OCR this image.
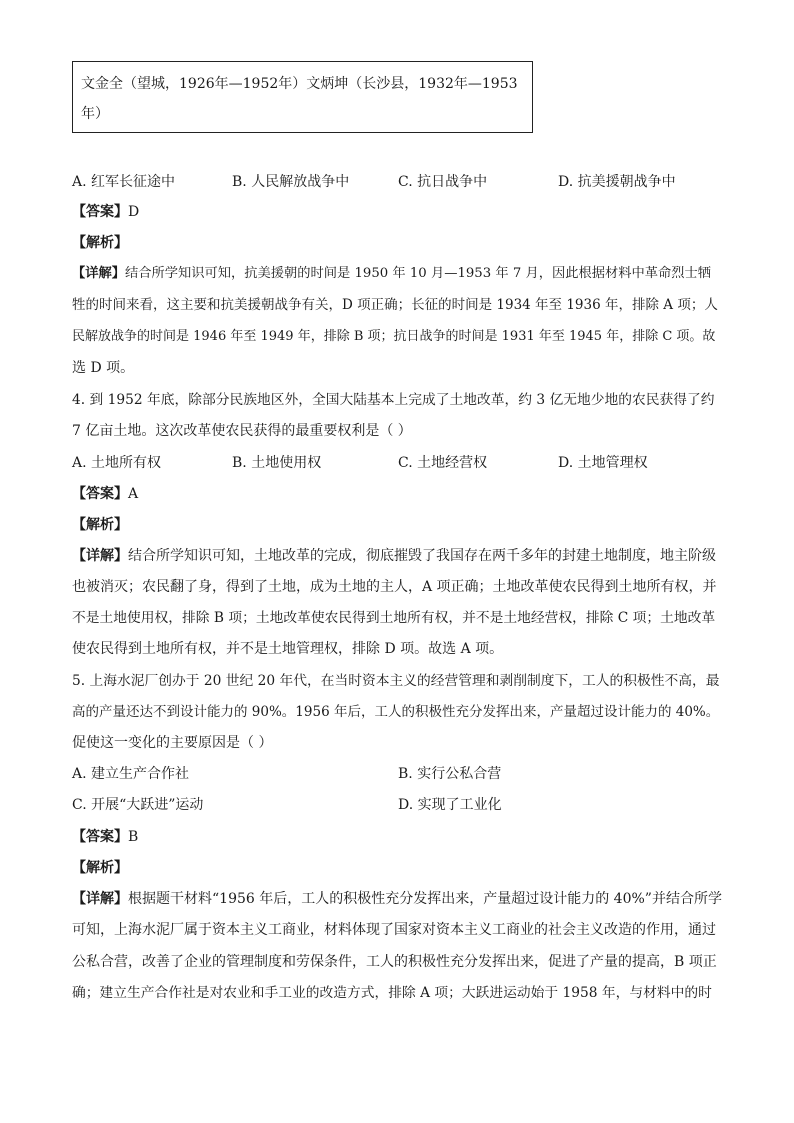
文金全（望城，1926年—1952年）文炳坤（长沙县，1932年—1953
年）
A. 红军长征途中	B. 人民解放战争中	C. 抗日战争中	D. 抗美援朝战争中
【答案】D
【解析】
【详解】结合所学知识可知，抗美援朝的时间是 1950 年 10 月—1953 年 7 月，因此根据材料中革命烈士牺
牲的时间来看，这主要和抗美援朝战争有关，D 项正确；长征的时间是 1934 年至 1936 年，排除 A 项；人
民解放战争的时间是 1946 年至 1949 年，排除 B 项；抗日战争的时间是 1931 年至 1945 年，排除 C 项。故
选 D 项。
4. 到 1952 年底，除部分民族地区外，全国大陆基本上完成了土地改革，约 3 亿无地少地的农民获得了约
7 亿亩土地。这次改革使农民获得的最重要权利是（ ）
A. 土地所有权	B. 土地使用权	C. 土地经营权	D. 土地管理权
【答案】A
【解析】
【详解】结合所学知识可知，土地改革的完成，彻底摧毁了我国存在两千多年的封建土地制度，地主阶级
也被消灭；农民翻了身，得到了土地，成为土地的主人，A 项正确；土地改革使农民得到土地所有权，并
不是土地使用权，排除 B 项；土地改革使农民得到土地所有权，并不是土地经营权，排除 C 项；土地改革
使农民得到土地所有权，并不是土地管理权，排除 D 项。故选 A 项。
5. 上海水泥厂创办于 20 世纪 20 年代，在当时资本主义的经营管理和剥削制度下，工人的积极性不高，最
高的产量还达不到设计能力的 90%。1956 年后，工人的积极性充分发挥出来，产量超过设计能力的 40%。
促使这一变化的主要原因是（ ）
A. 建立生产合作社	B. 实行公私合营
C. 开展“大跃进”运动	D. 实现了工业化
【答案】B
【解析】
【详解】根据题干材料“1956 年后，工人的积极性充分发挥出来，产量超过设计能力的 40%”并结合所学
可知，上海水泥厂属于资本主义工商业，材料体现了国家对资本主义工商业的社会主义改造的作用，通过
公私合营，改善了企业的管理制度和劳保条件，工人的积极性充分发挥出来，促进了产量的提高，B 项正
确；建立生产合作社是对农业和手工业的改造方式，排除 A 项；大跃进运动始于 1958 年，与材料中的时
